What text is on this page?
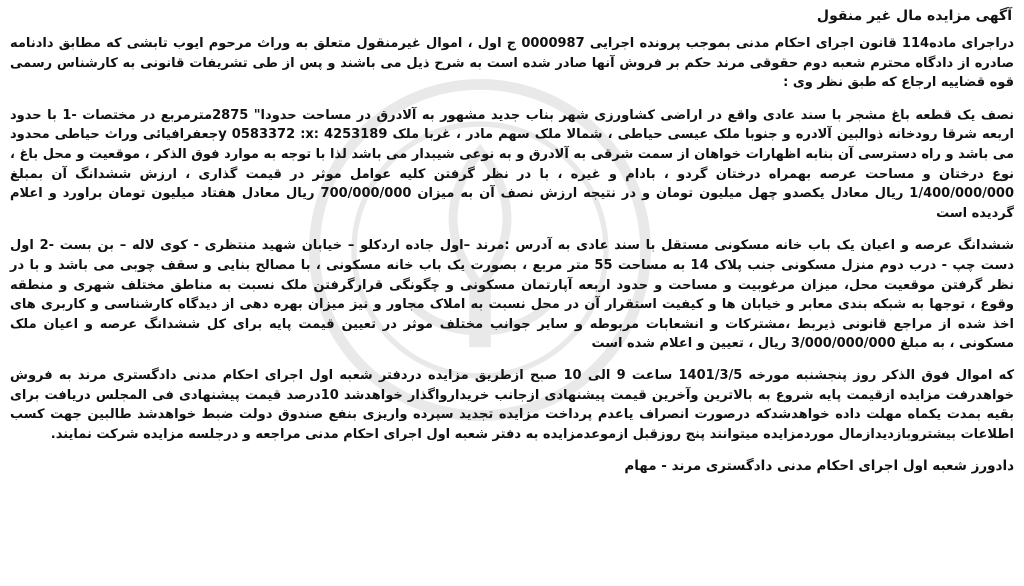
آگهی مزایده مال غیر منقول
دراجرای ماده114 قانون اجرای احکام مدنی بموجب پرونده اجرایی 0000987 ج اول ، اموال غیرمنقول متعلق به وراث مرحوم ایوب تابشی که مطابق دادنامه صادره از دادگاه محترم شعبه دوم حقوقی مرند حکم بر فروش آنها صادر شده است به شرح ذیل می باشند و پس از طی تشریفات قانونی به کارشناس رسمی قوه قضاییه ارجاع که طبق نظر وی :
نصف یک قطعه باغ مشجر با سند عادی واقع در اراضی کشاورزی شهر بناب جدید مشهور به آلادرق در مساحت حدودا" 2875مترمربع در مختصات -1 با حدود اربعه شرقا رودخانه ذوالبین آلادره و جنوبا ملک عیسی حیاطی ، شمالا ملک سهم مادر ، غربا ملک 4253189 :y 0583372 :xجعفرافیائی وراث حیاطی محدود می باشد و راه دسترسی آن بنابه اظهارات خواهان از سمت شرقی به آلادرق و به نوعی شیبدار می باشد لذا با توجه به موارد فوق الذکر ، موقعیت و محل باغ ، نوع درختان و مساحت عرصه بهمراه درختان گردو ، بادام و غیره ، با در نظر گرفتن کلیه عوامل موثر در قیمت گذاری ، ارزش ششدانگ آن بمبلغ 1/400/000/000 ریال معادل یکصدو چهل میلیون تومان و در نتیجه ارزش نصف آن به میزان 700/000/000 ریال معادل هفتاد میلیون تومان براورد و اعلام گردیده است
ششدانگ عرصه و اعیان یک باب خانه مسکونی مستقل با سند عادی به آدرس :مرند –اول جاده اردکلو – خیابان شهید منتظری - کوی لاله – بن بست -2 اول دست چپ - درب دوم منزل مسکونی جنب پلاک 14 به مساحت 55 متر مربع ، بصورت یک باب خانه مسکونی ، با مصالح بنایی و سقف چوبی می باشد و با در نظر گرفتن موقعیت محل، میزان مرغوبیت و مساحت و حدود اربعه آپارتمان مسکونی و چگونگی قرارگرفتن ملک نسبت به مناطق مختلف شهری و منطقه وقوع ، توجها به شبکه بندی معابر و خیابان ها و کیفیت استقرار آن در محل نسبت به املاک مجاور و نیز میزان بهره دهی از دیدگاه کارشناسی و کاربری های اخذ شده از مراجع قانونی ذیربط ،مشترکات و انشعابات مربوطه و سایر جوانب مختلف موثر در تعیین قیمت پایه برای کل ششدانگ عرصه و اعیان ملک مسکونی ، به مبلغ 3/000/000/000 ریال ، تعیین و اعلام شده است
که اموال فوق الذکر روز پنجشنبه مورخه 1401/3/5 ساعت 9 الی 10 صبح ازطریق مزایده دردفتر شعبه اول اجرای احکام مدنی دادگستری مرند به فروش خواهدرفت مزایده ازقیمت پایه شروع به بالاترین وآخرین قیمت پیشنهادی ازجانب خریدارواگذار خواهدشد 10درصد قیمت پیشنهادی فی المجلس دریافت برای بقیه بمدت یکماه مهلت داده خواهدشدکه درصورت انصراف یاعدم پرداخت مزایده تجدید سپرده واریزی بنفع صندوق دولت ضبط خواهدشد طالبین جهت کسب اطلاعات بیشتروبازدیدازمال موردمزایده میتوانند پنج روزقبل ازموعدمزایده به دفتر شعبه اول اجرای احکام مدنی مراجعه و درجلسه مزایده شرکت نمایند.
دادورز شعبه اول اجرای احکام مدنی دادگستری مرند - مهام
